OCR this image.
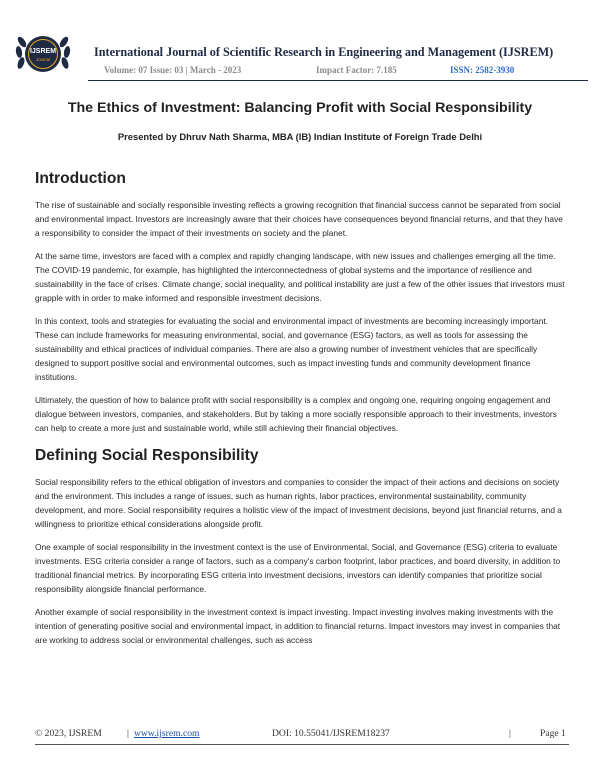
IJSREM
Journal
International Journal of Scientific Research in Engineering and Management (IJSREM)
Volume: 07 Issue: 03 | March - 2023	Impact Factor: 7.185	ISSN: 2582-3930
The Ethics of Investment: Balancing Profit with Social Responsibility
Presented by Dhruv Nath Sharma, MBA (IB) Indian Institute of Foreign Trade Delhi
Introduction

The rise of sustainable and socially responsible investing reflects a growing recognition that financial success cannot be separated from social and environmental impact. Investors are increasingly aware that their choices have consequences beyond financial returns, and that they have a responsibility to consider the impact of their investments on society and the planet.

At the same time, investors are faced with a complex and rapidly changing landscape, with new issues and challenges emerging all the time. The COVID-19 pandemic, for example, has highlighted the interconnectedness of global systems and the importance of resilience and sustainability in the face of crises. Climate change, social inequality, and political instability are just a few of the other issues that investors must grapple with in order to make informed and responsible investment decisions.

In this context, tools and strategies for evaluating the social and environmental impact of investments are becoming increasingly important. These can include frameworks for measuring environmental, social, and governance (ESG) factors, as well as tools for assessing the sustainability and ethical practices of individual companies. There are also a growing number of investment vehicles that are specifically designed to support positive social and environmental outcomes, such as impact investing funds and community development finance institutions.

Ultimately, the question of how to balance profit with social responsibility is a complex and ongoing one, requiring ongoing engagement and dialogue between investors, companies, and stakeholders. But by taking a more socially responsible approach to their investments, investors can help to create a more just and sustainable world, while still achieving their financial objectives.

Defining Social Responsibility

Social responsibility refers to the ethical obligation of investors and companies to consider the impact of their actions and decisions on society and the environment. This includes a range of issues, such as human rights, labor practices, environmental sustainability, community development, and more. Social responsibility requires a holistic view of the impact of investment decisions, beyond just financial returns, and a willingness to prioritize ethical considerations alongside profit.

One example of social responsibility in the investment context is the use of Environmental, Social, and Governance (ESG) criteria to evaluate investments. ESG criteria consider a range of factors, such as a company's carbon footprint, labor practices, and board diversity, in addition to traditional financial metrics. By incorporating ESG criteria into investment decisions, investors can identify companies that prioritize social responsibility alongside financial performance.

Another example of social responsibility in the investment context is impact investing. Impact investing involves making investments with the intention of generating positive social and environmental impact, in addition to financial returns. Impact investors may invest in companies that are working to address social or environmental challenges, such as access

© 2023, IJSREM	| www.ijsrem.com	DOI: 10.55041/IJSREM18237	|	Page 1
